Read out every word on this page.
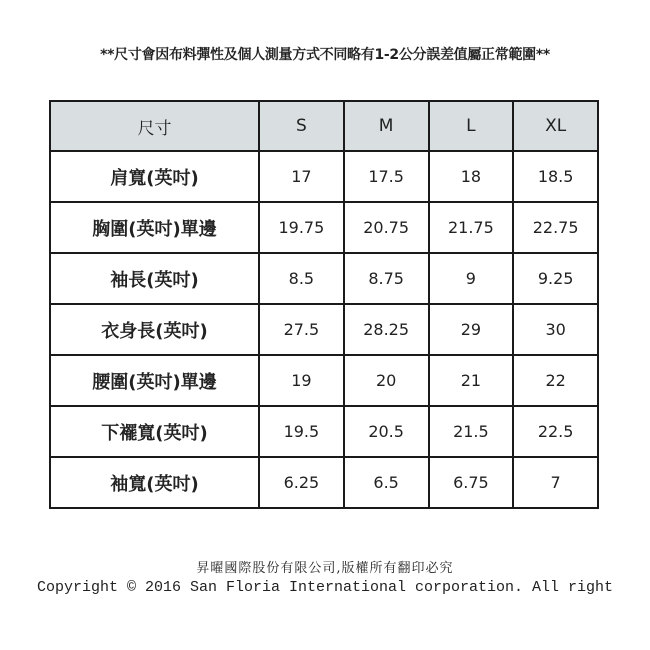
**尺寸會因布料彈性及個人測量方式不同略有1-2公分誤差值屬正常範圍**
尺寸	S	M	L	XL
肩寬(英吋)	17	17.5	18	18.5
胸圍(英吋)單邊	19.75	20.75	21.75	22.75
袖長(英吋)	8.5	8.75	9	9.25
衣身長(英吋)	27.5	28.25	29	30
腰圍(英吋)單邊	19	20	21	22
下襬寬(英吋)	19.5	20.5	21.5	22.5
袖寬(英吋)	6.25	6.5	6.75	7
昇曜國際股份有限公司,版權所有翻印必究
Copyright © 2016 San Floria International corporation. All right
